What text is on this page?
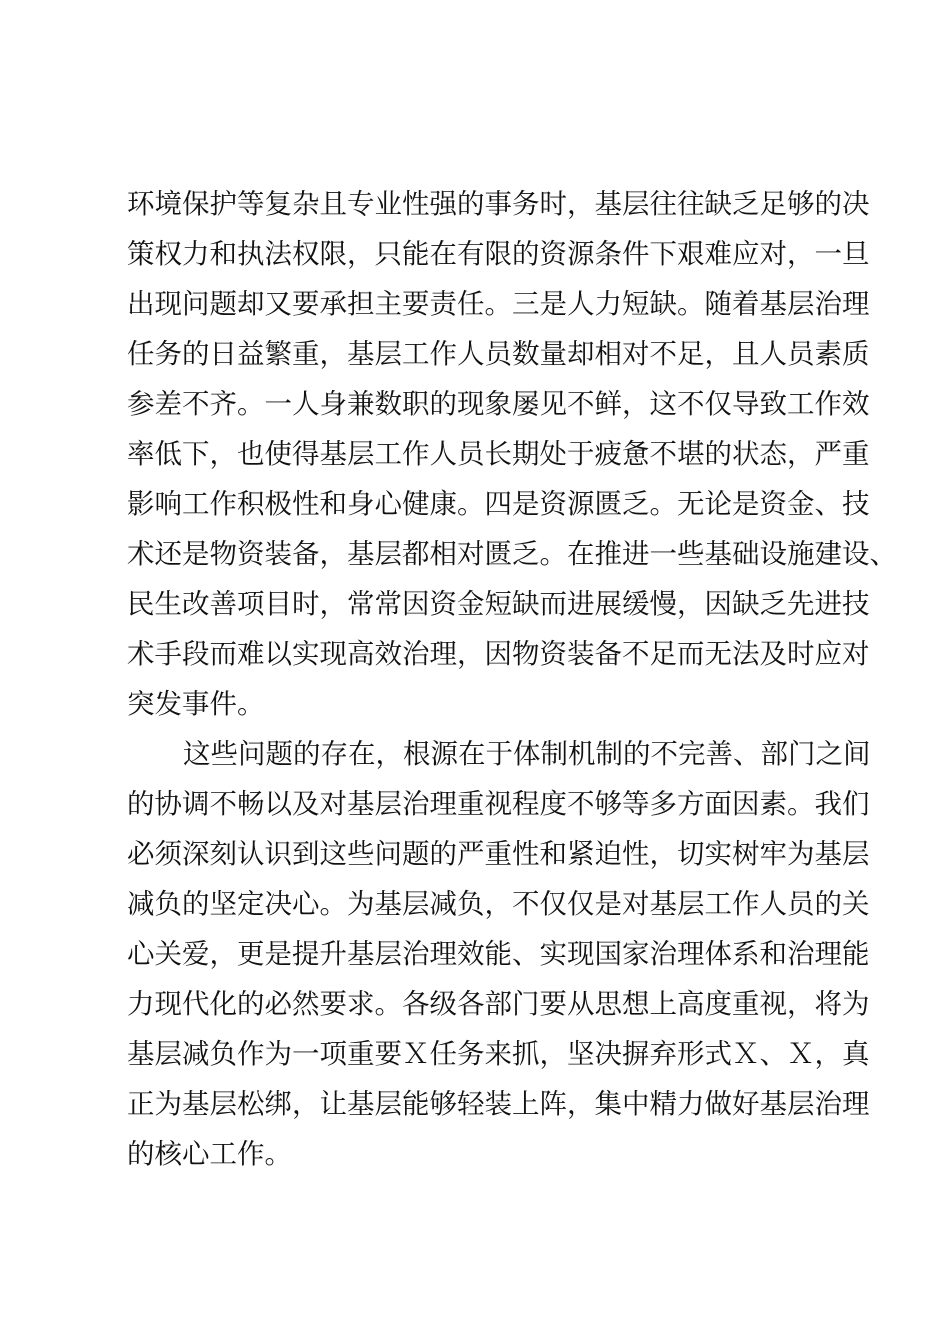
环境保护等复杂且专业性强的事务时，基层往往缺乏足够的决

策权力和执法权限，只能在有限的资源条件下艰难应对，一旦

出现问题却又要承担主要责任。三是人力短缺。随着基层治理

任务的日益繁重，基层工作人员数量却相对不足，且人员素质

参差不齐。一人身兼数职的现象屡见不鲜，这不仅导致工作效

率低下，也使得基层工作人员长期处于疲惫不堪的状态，严重

影响工作积极性和身心健康。四是资源匮乏。无论是资金、技

术还是物资装备，基层都相对匮乏。在推进一些基础设施建设、

民生改善项目时，常常因资金短缺而进展缓慢，因缺乏先进技

术手段而难以实现高效治理，因物资装备不足而无法及时应对

突发事件。

这些问题的存在，根源在于体制机制的不完善、部门之间

的协调不畅以及对基层治理重视程度不够等多方面因素。我们

必须深刻认识到这些问题的严重性和紧迫性，切实树牢为基层

减负的坚定决心。为基层减负，不仅仅是对基层工作人员的关

心关爱，更是提升基层治理效能、实现国家治理体系和治理能

力现代化的必然要求。各级各部门要从思想上高度重视，将为

基层减负作为一项重要Ｘ任务来抓，坚决摒弃形式Ｘ、Ｘ，真

正为基层松绑，让基层能够轻装上阵，集中精力做好基层治理

的核心工作。
